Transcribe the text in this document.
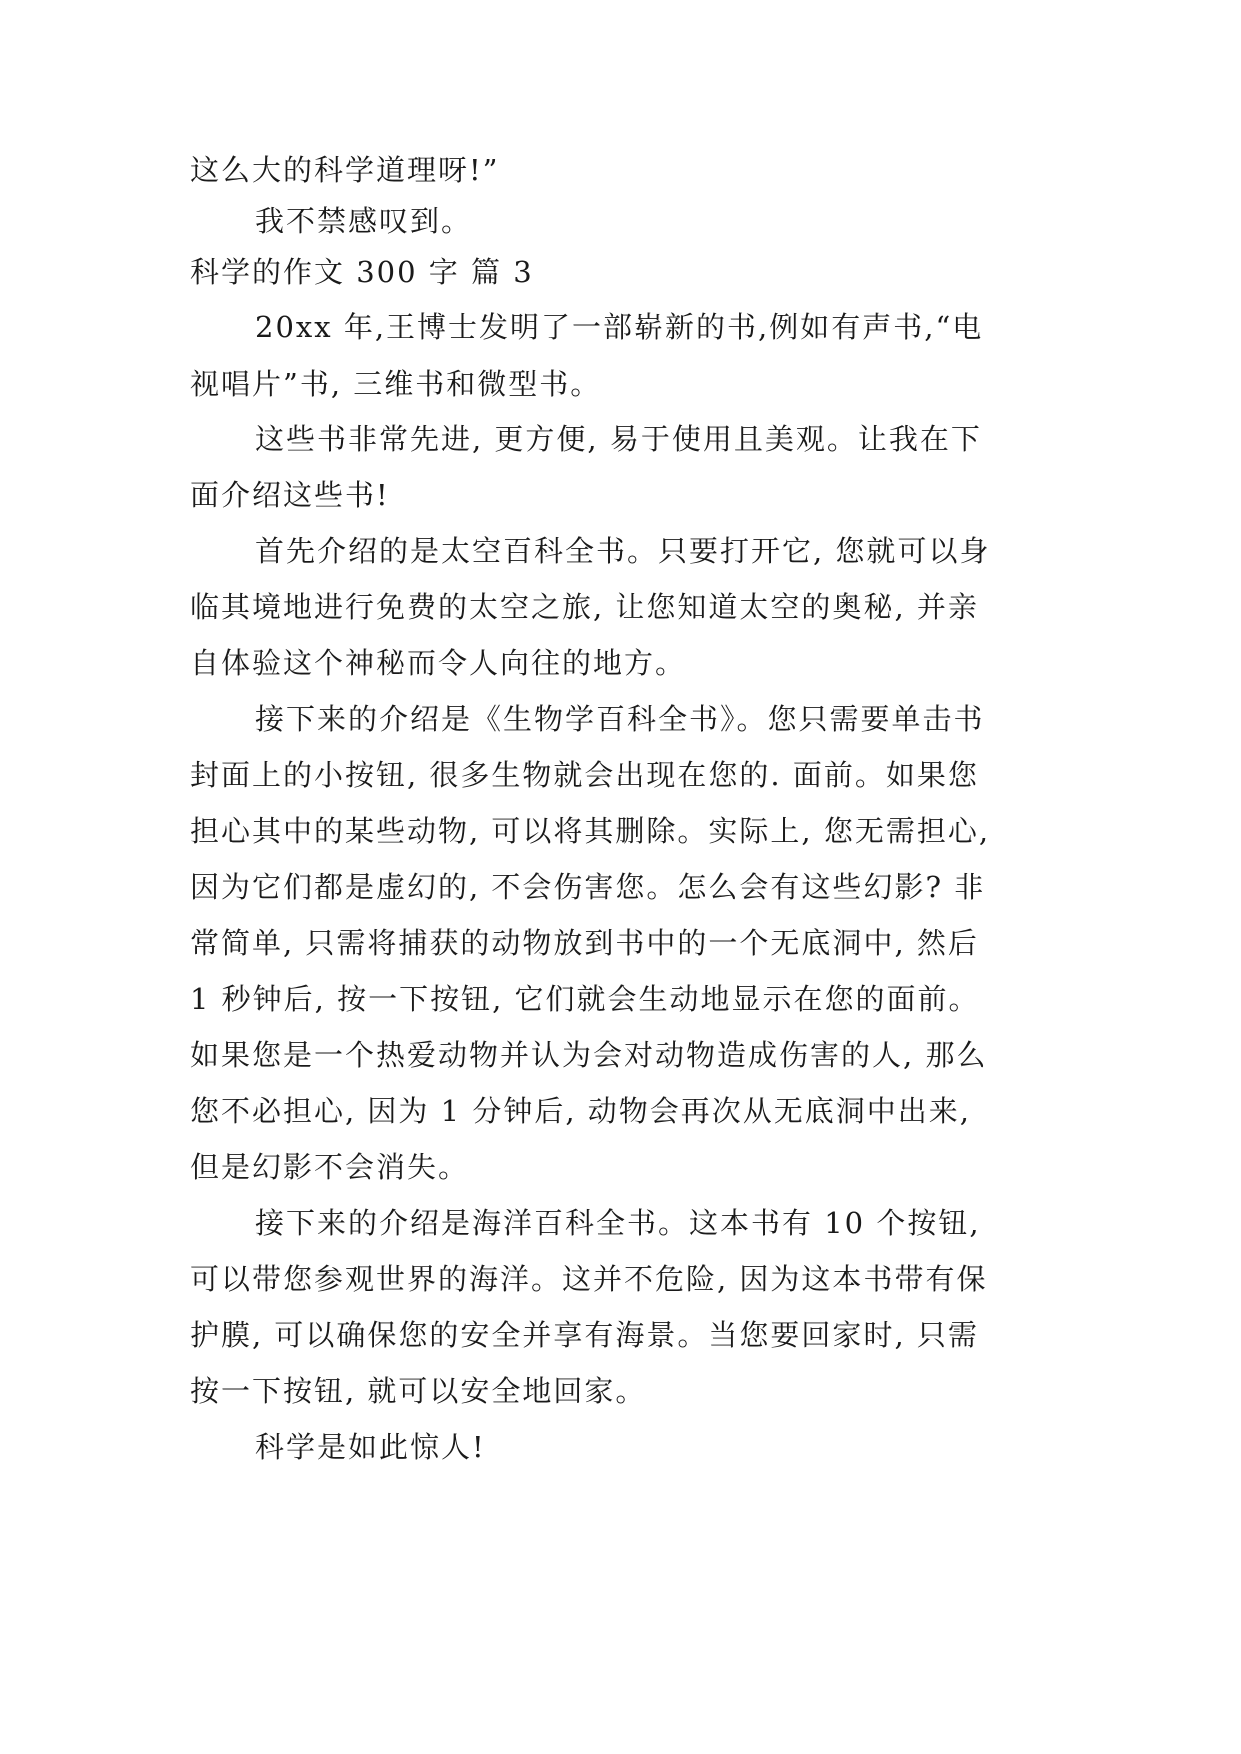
这么大的科学道理呀!”
我不禁感叹到。
科学的作文 300 字 篇 3
20xx 年,王博士发明了一部崭新的书,例如有声书,“电
视唱片”书, 三维书和微型书。
这些书非常先进, 更方便, 易于使用且美观。让我在下
面介绍这些书!
首先介绍的是太空百科全书。只要打开它, 您就可以身
临其境地进行免费的太空之旅, 让您知道太空的奥秘, 并亲
自体验这个神秘而令人向往的地方。
接下来的介绍是《生物学百科全书》。您只需要单击书
封面上的小按钮, 很多生物就会出现在您的. 面前。如果您
担心其中的某些动物, 可以将其删除。实际上, 您无需担心,
因为它们都是虚幻的, 不会伤害您。怎么会有这些幻影? 非
常简单, 只需将捕获的动物放到书中的一个无底洞中, 然后
1 秒钟后, 按一下按钮, 它们就会生动地显示在您的面前。
如果您是一个热爱动物并认为会对动物造成伤害的人, 那么
您不必担心, 因为 1 分钟后, 动物会再次从无底洞中出来,
但是幻影不会消失。
接下来的介绍是海洋百科全书。这本书有 10 个按钮,
可以带您参观世界的海洋。这并不危险, 因为这本书带有保
护膜, 可以确保您的安全并享有海景。当您要回家时, 只需
按一下按钮, 就可以安全地回家。
科学是如此惊人!
